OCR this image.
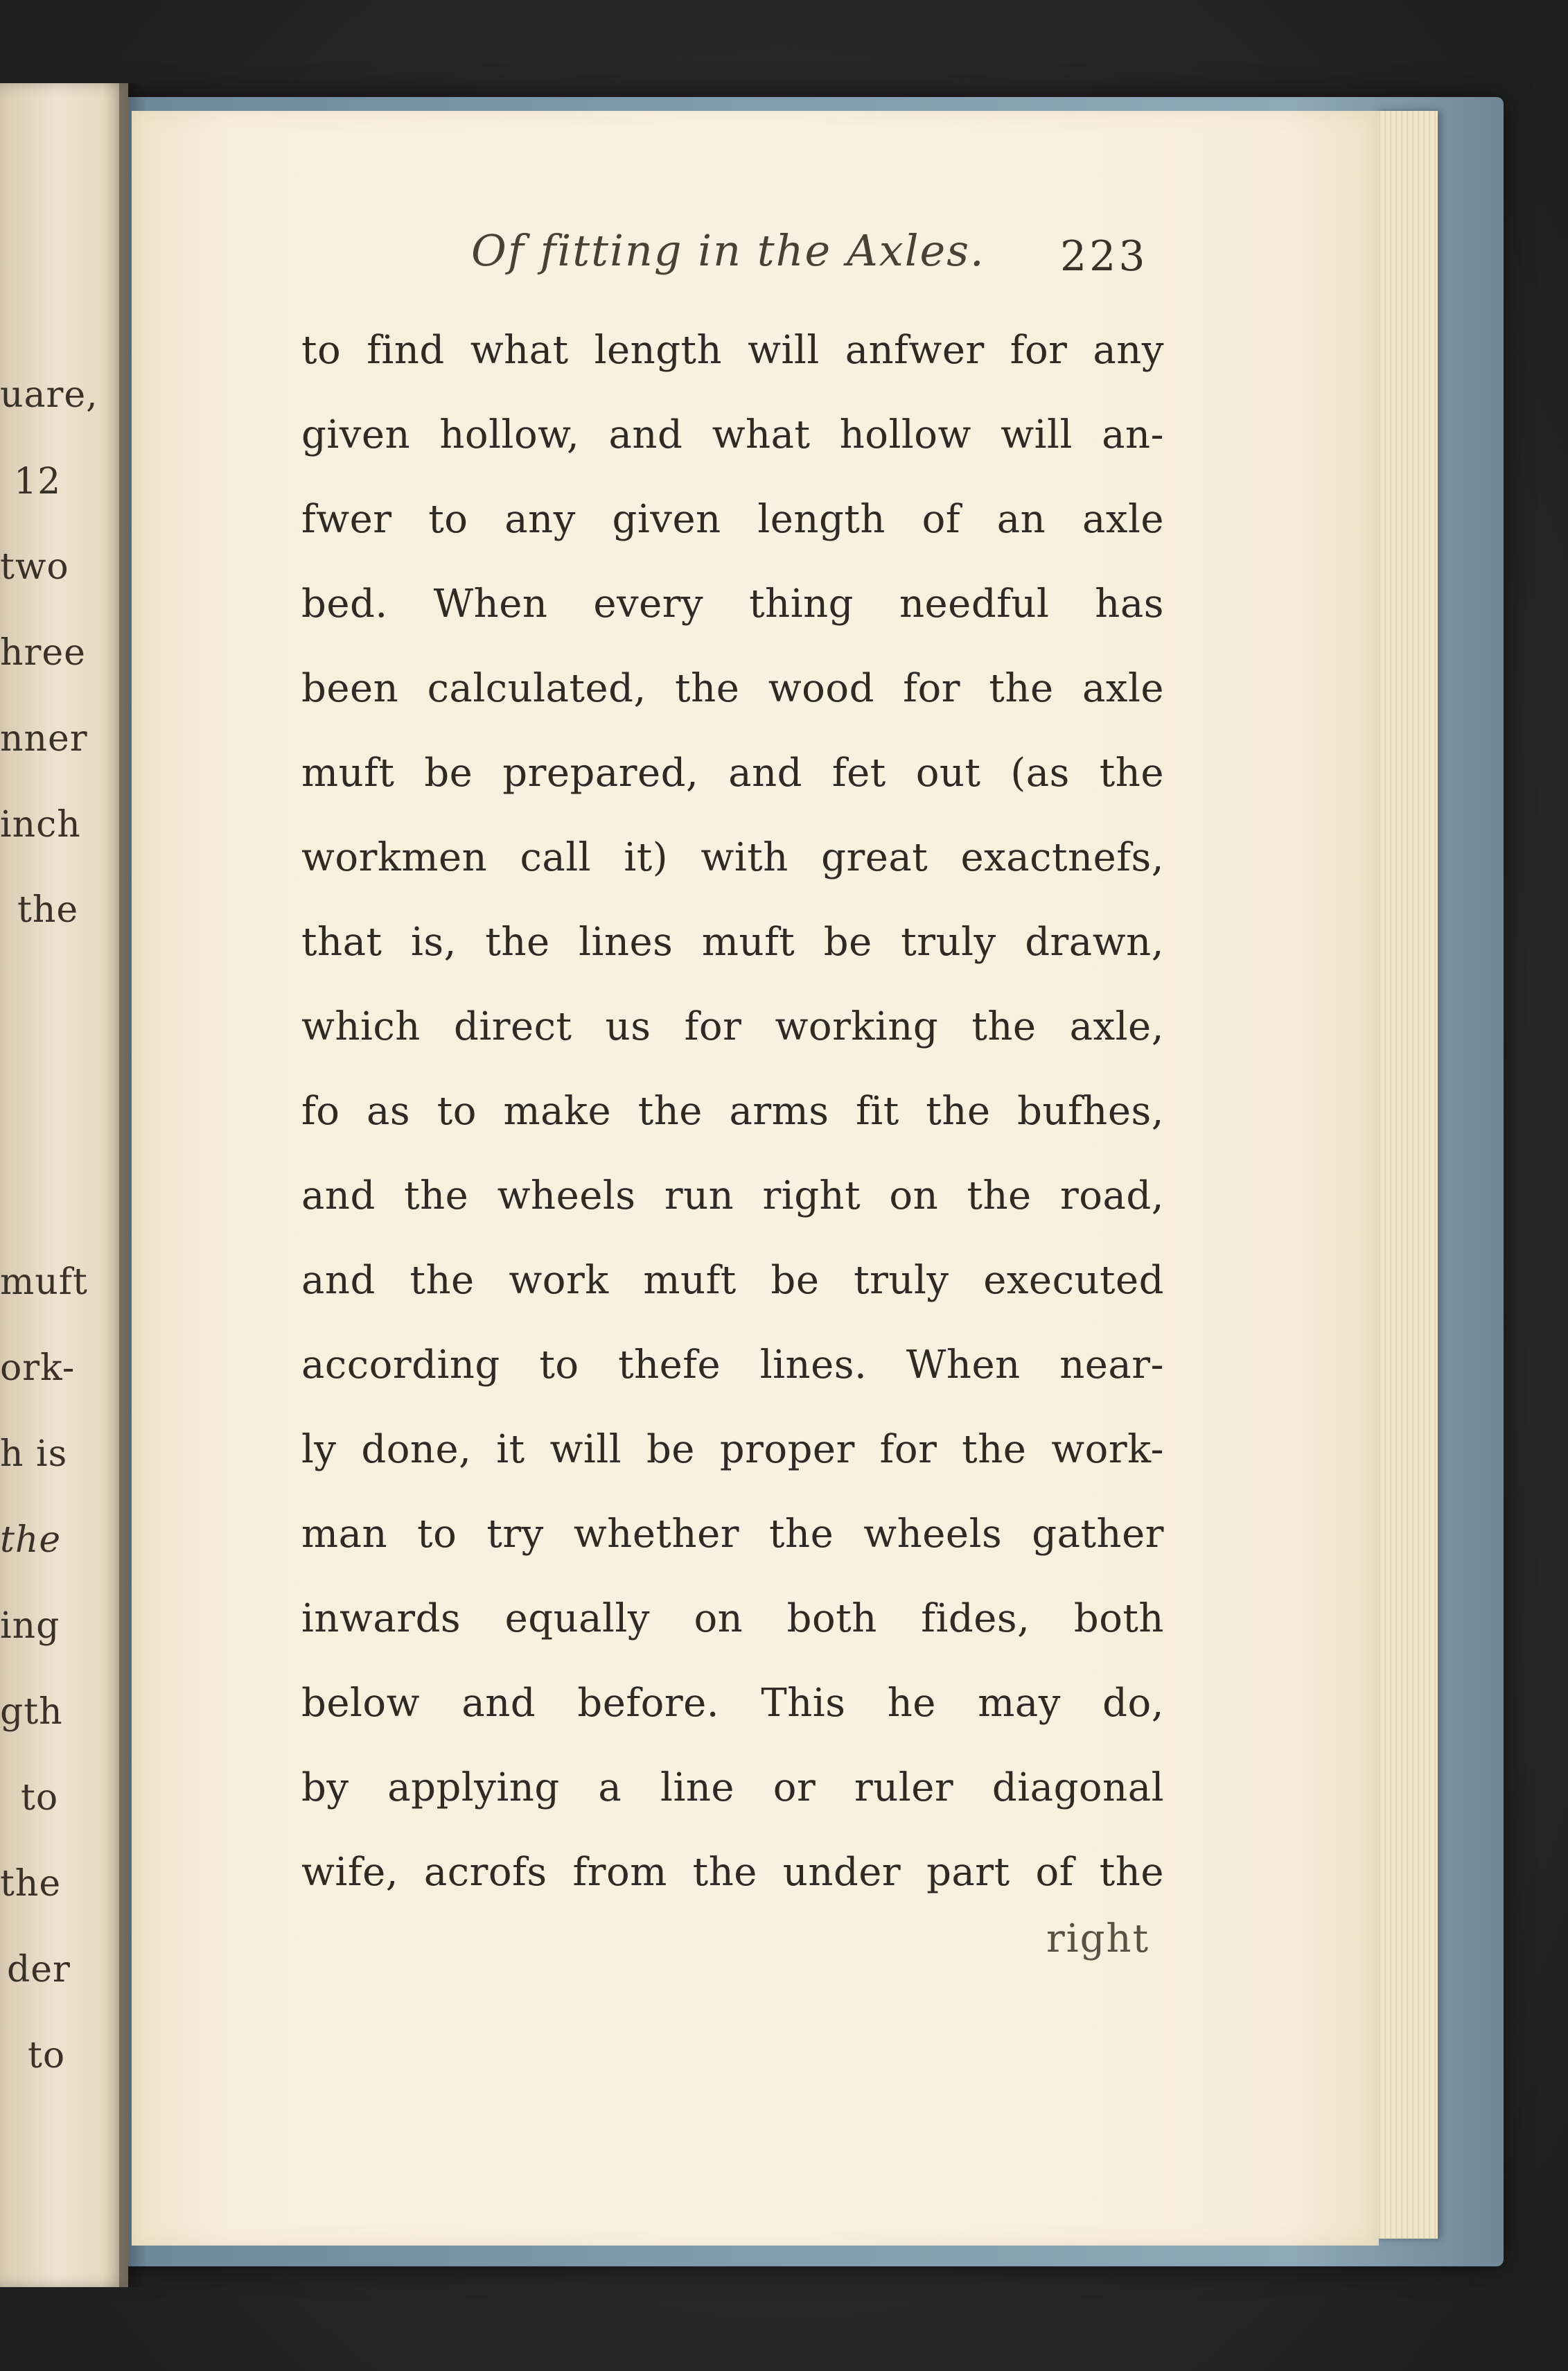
uare,
12
two
hree
nner
inch
the
muft
ork-
h is
the
ing
gth
to
the
der
to
Of fitting in the Axles. 223
to find what length will anfwer for any
given hollow, and what hollow will an-
fwer to any given length of an axle
bed. When every thing needful has
been calculated, the wood for the axle
muft be prepared, and fet out (as the
workmen call it) with great exactnefs,
that is, the lines muft be truly drawn,
which direct us for working the axle,
fo as to make the arms fit the bufhes,
and the wheels run right on the road,
and the work muft be truly executed
according to thefe lines. When near-
ly done, it will be proper for the work-
man to try whether the wheels gather
inwards equally on both fides, both
below and before. This he may do,
by applying a line or ruler diagonal
wife, acrofs from the under part of the
right
